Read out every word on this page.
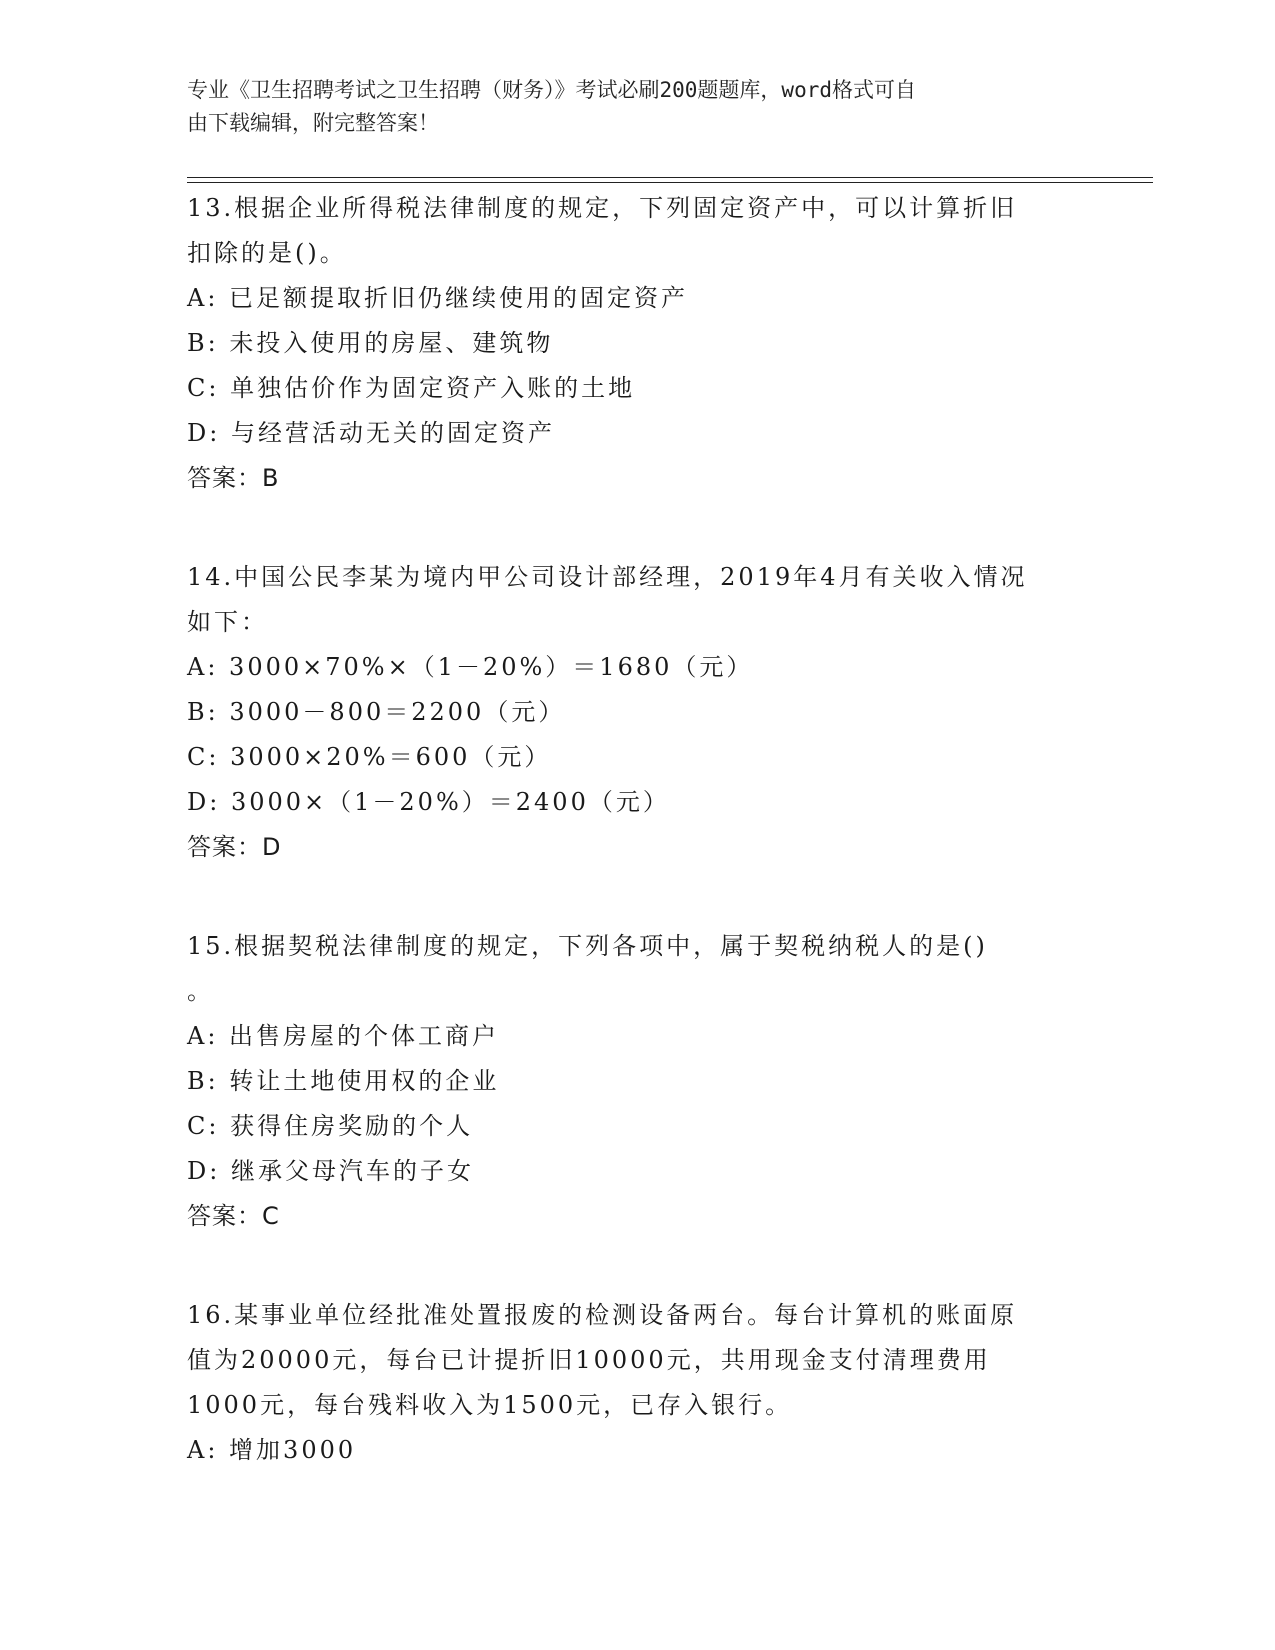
专业《卫生招聘考试之卫生招聘（财务）》考试必刷200题题库，word格式可自

由下载编辑，附完整答案！

13.根据企业所得税法律制度的规定，下列固定资产中，可以计算折旧

扣除的是()。

A: 已足额提取折旧仍继续使用的固定资产

B: 未投入使用的房屋、建筑物

C: 单独估价作为固定资产入账的土地

D: 与经营活动无关的固定资产

答案：B

14.中国公民李某为境内甲公司设计部经理，2019年4月有关收入情况

如下：

A: 3000×70%×（1－20%）＝1680（元）

B: 3000－800＝2200（元）

C: 3000×20%＝600（元）

D: 3000×（1－20%）＝2400（元）

答案：D

15.根据契税法律制度的规定，下列各项中，属于契税纳税人的是()

。

A: 出售房屋的个体工商户

B: 转让土地使用权的企业

C: 获得住房奖励的个人

D: 继承父母汽车的子女

答案：C

16.某事业单位经批准处置报废的检测设备两台。每台计算机的账面原

值为20000元，每台已计提折旧10000元，共用现金支付清理费用

1000元，每台残料收入为1500元，已存入银行。

A: 增加3000
